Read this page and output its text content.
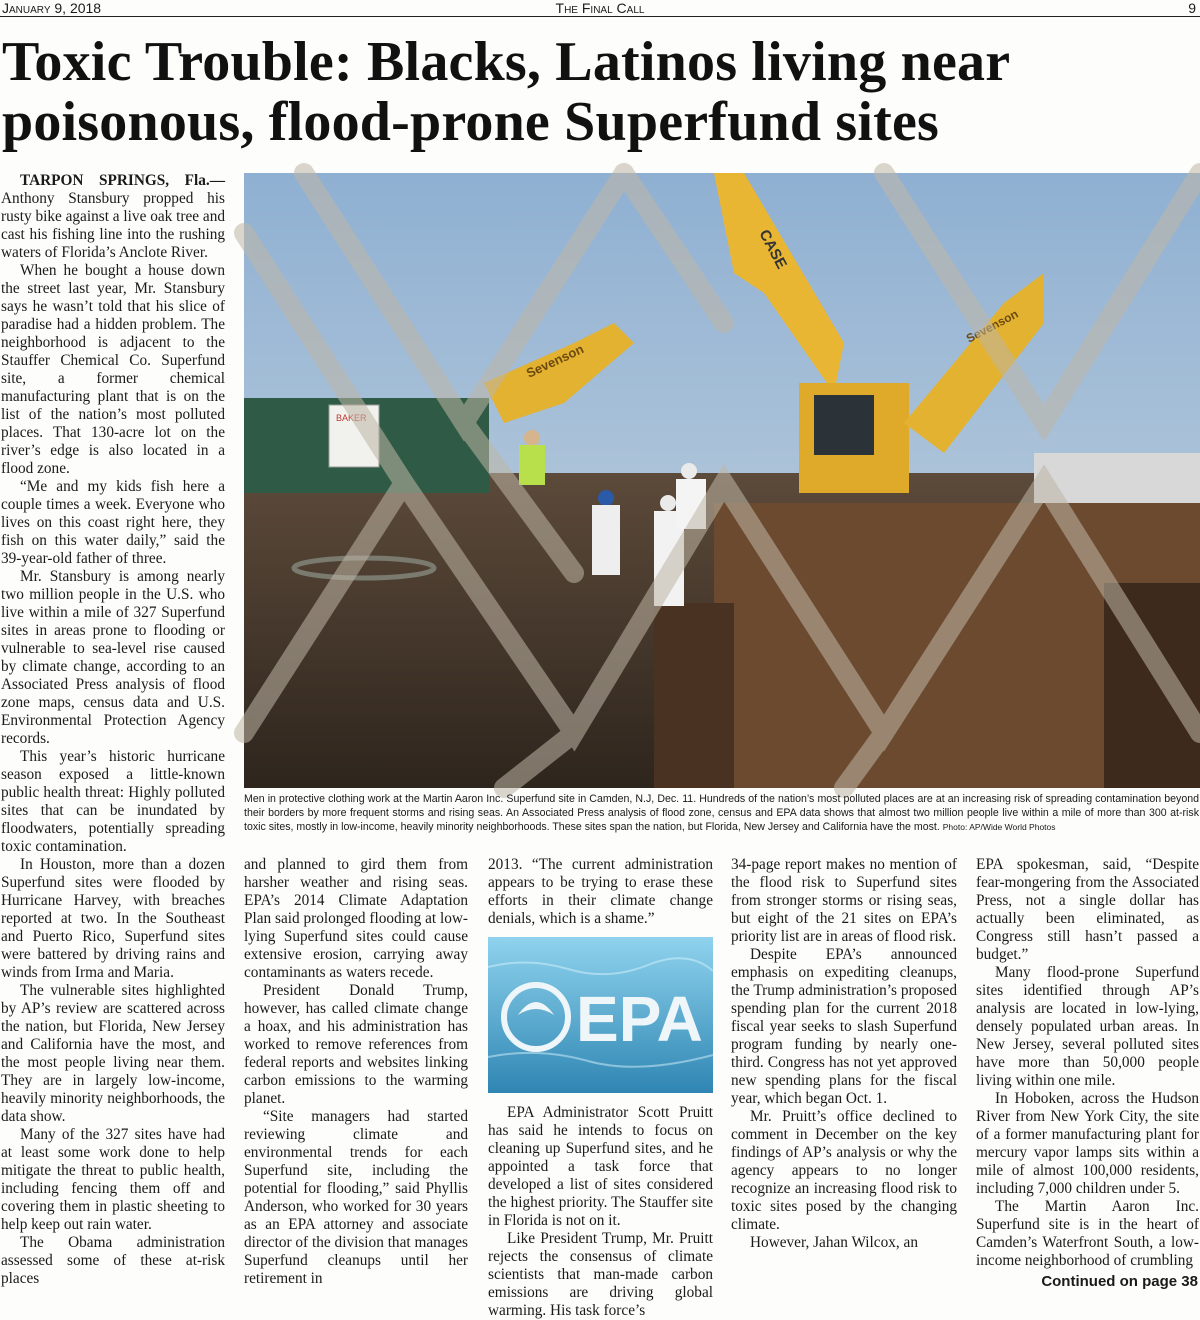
January 9, 2018	The Final Call	9
Toxic Trouble: Blacks, Latinos living near poisonous, flood-prone Superfund sites

TARPON SPRINGS, Fla.— Anthony Stansbury propped his rusty bike against a live oak tree and cast his fishing line into the rushing waters of Florida’s Anclote River.

When he bought a house down the street last year, Mr. Stansbury says he wasn’t told that his slice of paradise had a hidden problem. The neighborhood is adjacent to the Stauffer Chemical Co. Superfund site, a former chemical manufacturing plant that is on the list of the nation’s most polluted places. That 130-acre lot on the river’s edge is also located in a flood zone.

“Me and my kids fish here a couple times a week. Everyone who lives on this coast right here, they fish on this water daily,” said the 39-year-old father of three.

Mr. Stansbury is among nearly two million people in the U.S. who live within a mile of 327 Superfund sites in areas prone to flooding or vulnerable to sea-level rise caused by climate change, according to an Associated Press analysis of flood zone maps, census data and U.S. Environmental Protection Agency records.

This year’s historic hurricane season exposed a little-known public health threat: Highly polluted sites that can be inundated by floodwaters, potentially spreading toxic contamination.

In Houston, more than a dozen Superfund sites were flooded by Hurricane Harvey, with breaches reported at two. In the Southeast and Puerto Rico, Superfund sites were battered by driving rains and winds from Irma and Maria.

The vulnerable sites highlighted by AP’s review are scattered across the nation, but Florida, New Jersey and California have the most, and the most people living near them. They are in largely low-income, heavily minority neighborhoods, the data show.

Many of the 327 sites have had at least some work done to help mitigate the threat to public health, including fencing them off and covering them in plastic sheeting to help keep out rain water.

The Obama administration assessed some of these at-risk places

BAKER
Sevenson
CASE
Sevenson

Men in protective clothing work at the Martin Aaron Inc. Superfund site in Camden, N.J, Dec. 11. Hundreds of the nation’s most polluted places are at an increasing risk of spreading contamination beyond their borders by more frequent storms and rising seas. An Associated Press analysis of flood zone, census and EPA data shows that almost two million people live within a mile of more than 300 at-risk toxic sites, mostly in low-income, heavily minority neighborhoods. These sites span the nation, but Florida, New Jersey and California have the most. Photo: AP/Wide World Photos

and planned to gird them from harsher weather and rising seas. EPA’s 2014 Climate Adaptation Plan said prolonged flooding at low-lying Superfund sites could cause extensive erosion, carrying away contaminants as waters recede.

President Donald Trump, however, has called climate change a hoax, and his administration has worked to remove references from federal reports and websites linking carbon emissions to the warming planet.

“Site managers had started reviewing climate and environmental trends for each Superfund site, including the potential for flooding,” said Phyllis Anderson, who worked for 30 years as an EPA attorney and associate director of the division that manages Superfund cleanups until her retirement in

2013. “The current administration appears to be trying to erase these efforts in their climate change denials, which is a shame.”

EPA

EPA Administrator Scott Pruitt has said he intends to focus on cleaning up Superfund sites, and he appointed a task force that developed a list of sites considered the highest priority. The Stauffer site in Florida is not on it.

Like President Trump, Mr. Pruitt rejects the consensus of climate scientists that man-made carbon emissions are driving global warming. His task force’s

34-page report makes no mention of the flood risk to Superfund sites from stronger storms or rising seas, but eight of the 21 sites on EPA’s priority list are in areas of flood risk.

Despite EPA’s announced emphasis on expediting cleanups, the Trump administration’s proposed spending plan for the current 2018 fiscal year seeks to slash Superfund program funding by nearly one-third. Congress has not yet approved new spending plans for the fiscal year, which began Oct. 1.

Mr. Pruitt’s office declined to comment in December on the key findings of AP’s analysis or why the agency appears to no longer recognize an increasing flood risk to toxic sites posed by the changing climate.

However, Jahan Wilcox, an

EPA spokesman, said, “Despite fear-mongering from the Associated Press, not a single dollar has actually been eliminated, as Congress still hasn’t passed a budget.”

Many flood-prone Superfund sites identified through AP’s analysis are located in low-lying, densely populated urban areas. In New Jersey, several polluted sites have more than 50,000 people living within one mile.

In Hoboken, across the Hudson River from New York City, the site of a former manufacturing plant for mercury vapor lamps sits within a mile of almost 100,000 residents, including 7,000 children under 5.

The Martin Aaron Inc. Superfund site is in the heart of Camden’s Waterfront South, a low-income neighborhood of crumbling

Continued on page 38
